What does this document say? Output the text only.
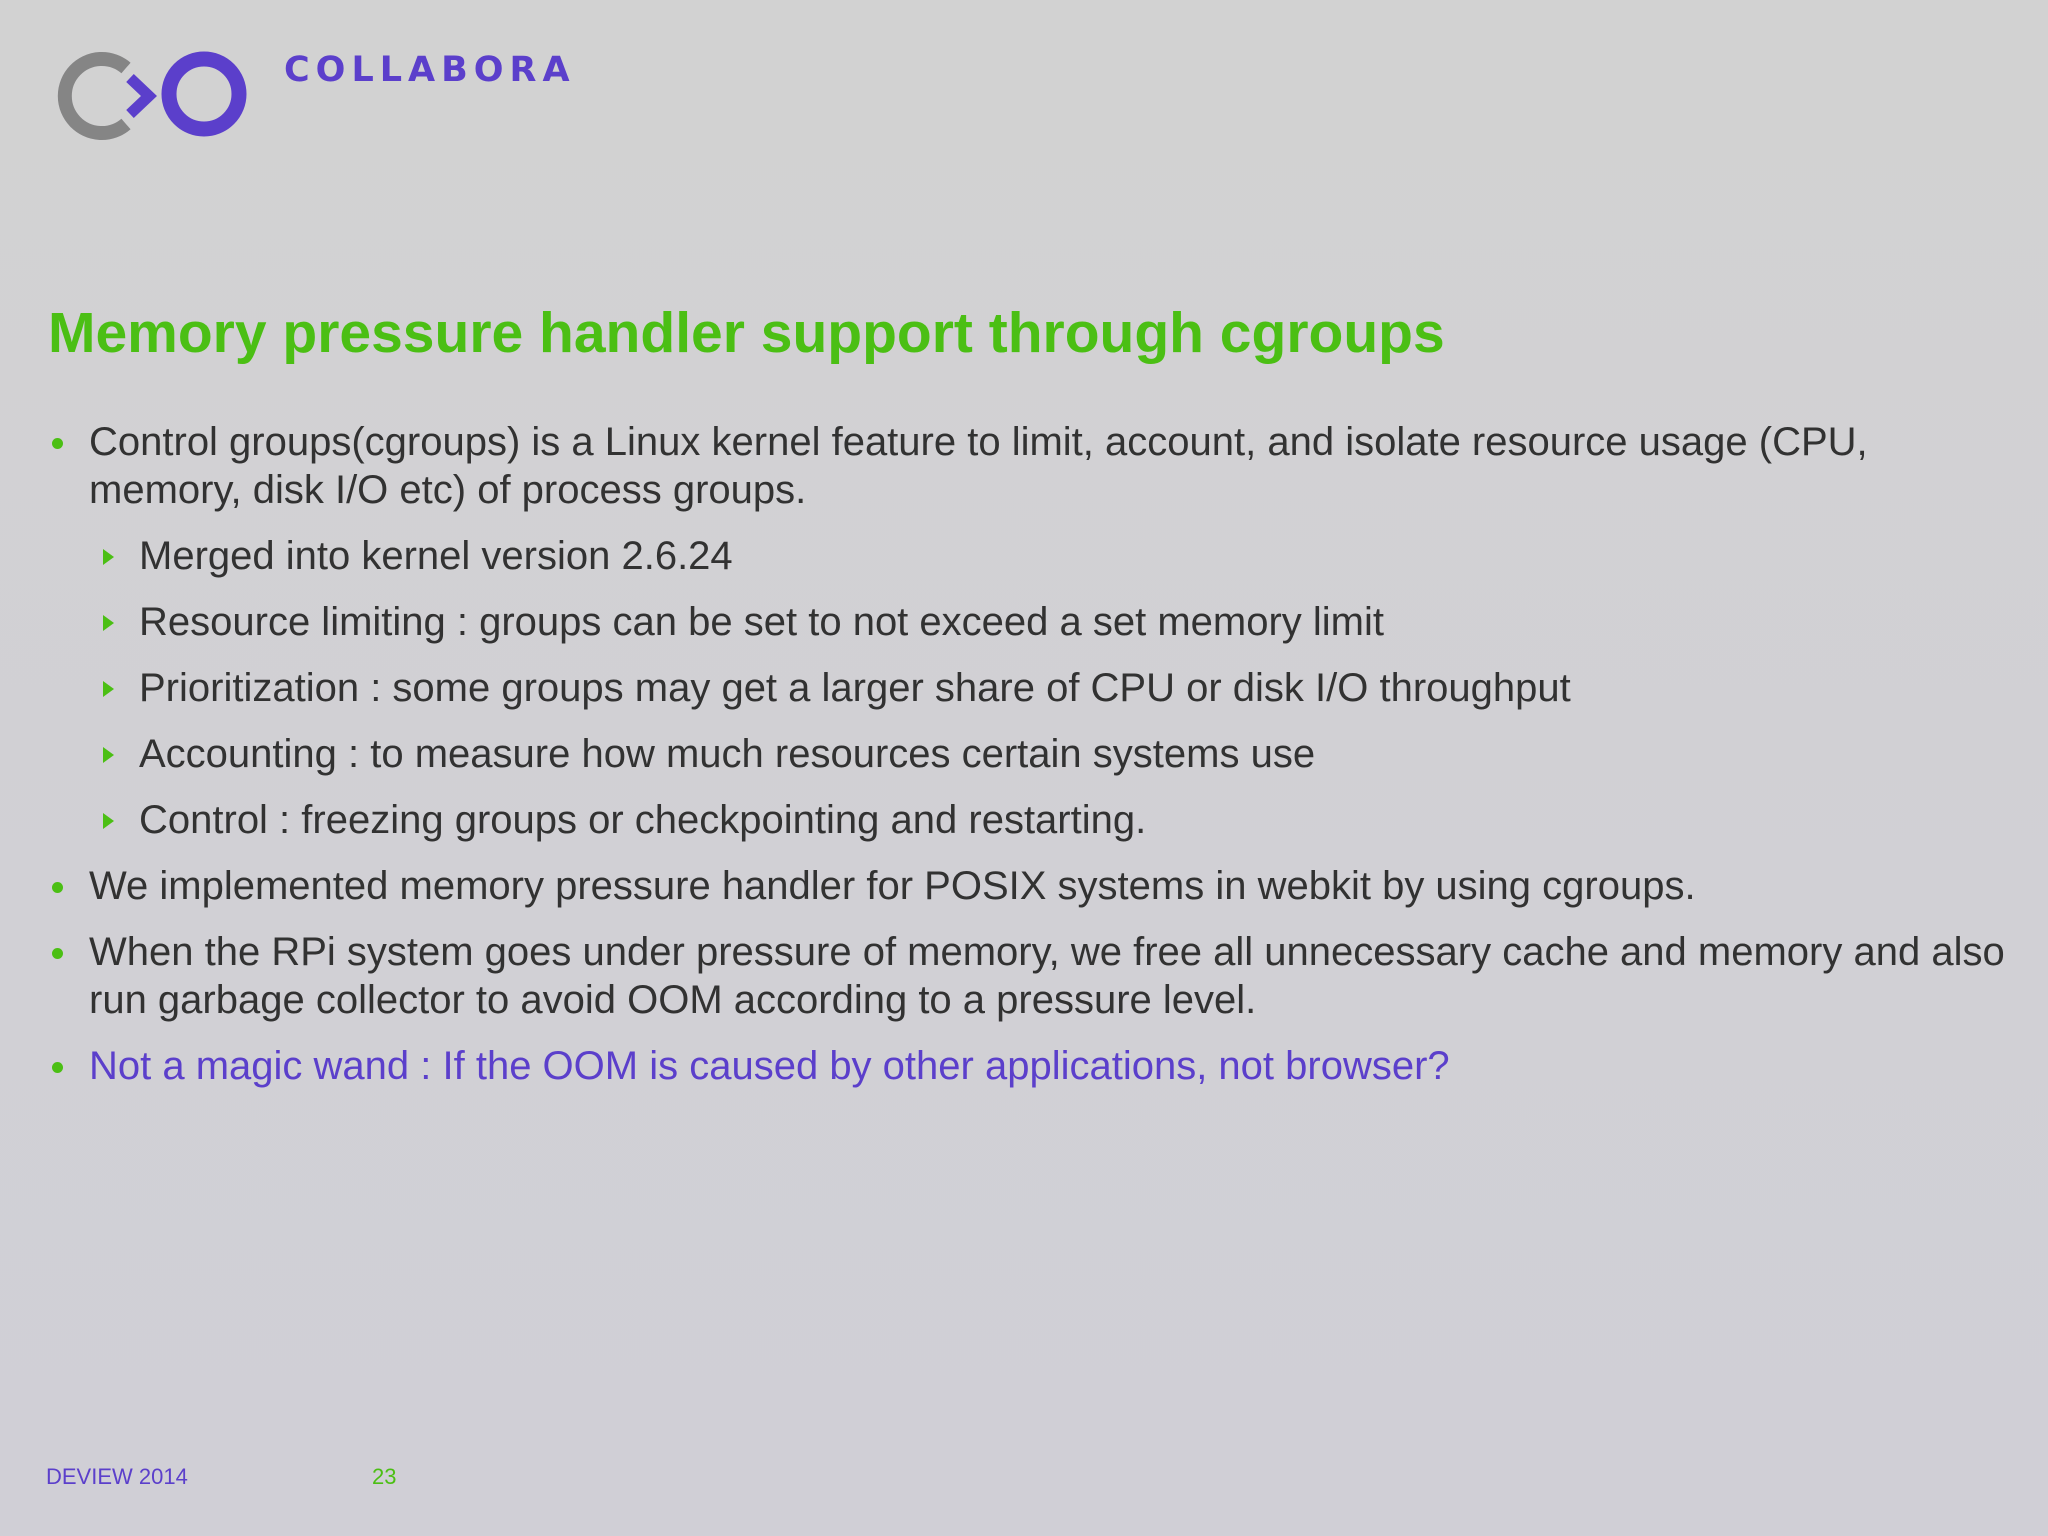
COLLABORA
Memory pressure handler support through cgroups
Control groups(cgroups) is a Linux kernel feature to limit, account, and isolate resource usage (CPU, memory, disk I/O etc) of process groups.
Merged into kernel version 2.6.24
Resource limiting : groups can be set to not exceed a set memory limit
Prioritization : some groups may get a larger share of CPU or disk I/O throughput
Accounting : to measure how much resources certain systems use
Control : freezing groups or checkpointing and restarting.
We implemented memory pressure handler for POSIX systems in webkit by using cgroups.
When the RPi system goes under pressure of memory, we free all unnecessary cache and memory and also run garbage collector to avoid OOM according to a pressure level.
Not a magic wand : If the OOM is caused by other applications, not browser?
DEVIEW 2014	23
